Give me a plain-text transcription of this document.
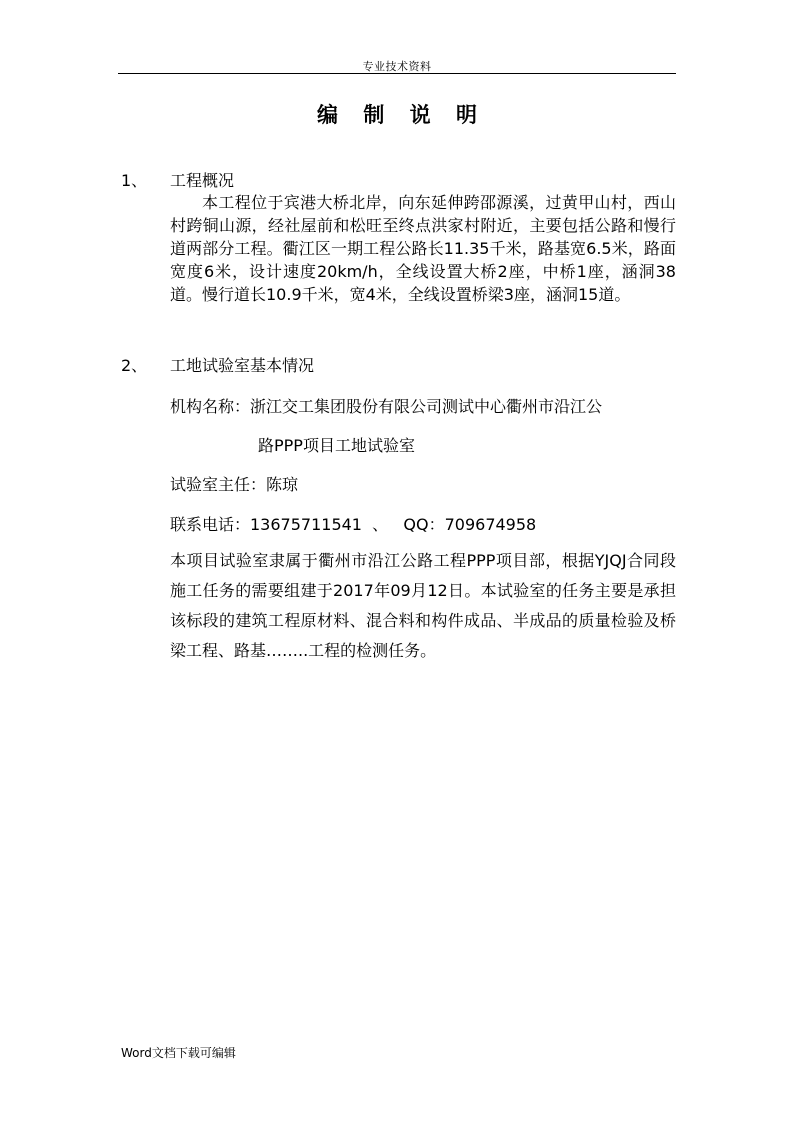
专业技术资料
编 制 说 明
1、 工程概况

本工程位于宾港大桥北岸，向东延伸跨邵源溪，过黄甲山村，西山村跨铜山源，经社屋前和松旺至终点洪家村附近，主要包括公路和慢行道两部分工程。衢江区一期工程公路长11.35千米，路基宽6.5米，路面宽度6米，设计速度20km/h，全线设置大桥2座，中桥1座，涵洞38道。慢行道长10.9千米，宽4米，全线设置桥梁3座，涵洞15道。

2、 工地试验室基本情况
机构名称：浙江交工集团股份有限公司测试中心衢州市沿江公
路PPP项目工地试验室
试验室主任：陈琼
联系电话：13675711541  、   QQ：709674958

本项目试验室隶属于衢州市沿江公路工程PPP项目部，根据YJQJ合同段施工任务的需要组建于2017年09月12日。本试验室的任务主要是承担该标段的建筑工程原材料、混合料和构件成品、半成品的质量检验及桥梁工程、路基……..工程的检测任务。

Word文档下载可编辑
